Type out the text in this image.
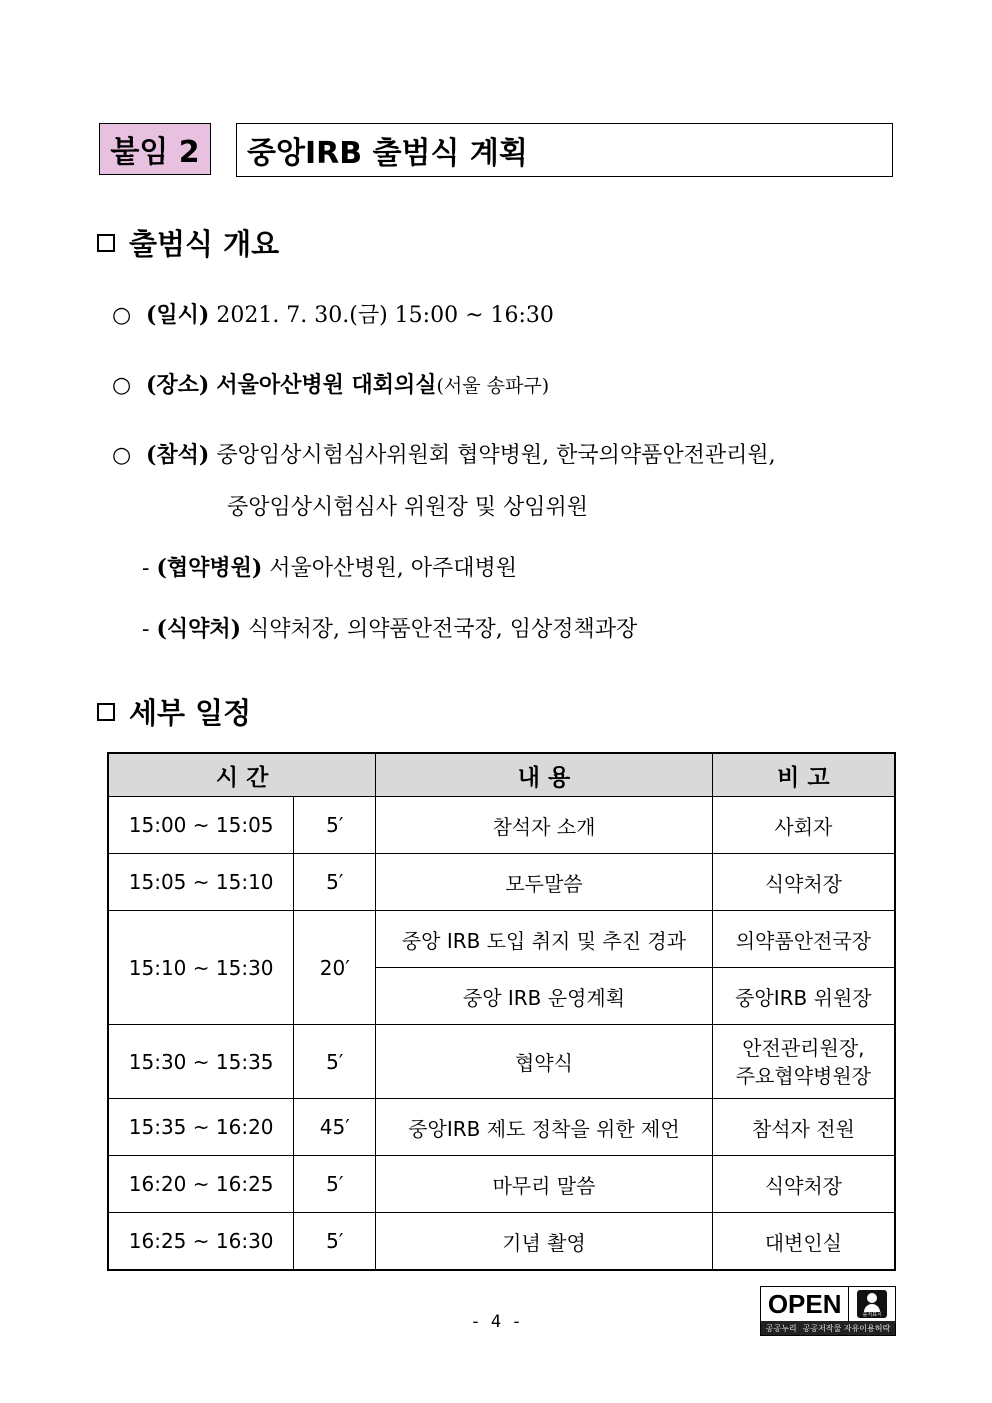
붙임 2 중앙IRB 출범식 계획
출범식 개요
○ (일시) 2021. 7. 30.(금) 15:00 ~ 16:30
○ (장소) 서울아산병원 대회의실(서울 송파구)
○ (참석) 중앙임상시험심사위원회 협약병원, 한국의약품안전관리원,
중앙임상시험심사 위원장 및 상임위원
- (협약병원) 서울아산병원, 아주대병원
- (식약처) 식약처장, 의약품안전국장, 임상정책과장
세부 일정
시 간		내 용	비 고
15:00 ~ 15:05	5′	참석자 소개	사회자
15:05 ~ 15:10	5′	모두말씀	식약처장
15:10 ~ 15:30	20′	중앙 IRB 도입 취지 및 추진 경과	의약품안전국장
		중앙 IRB 운영계획	중앙IRB 위원장
15:30 ~ 15:35	5′	협약식	안전관리원장,
주요협약병원장

15:35 ~ 16:20	45′	중앙IRB 제도 정착을 위한 제언	참석자 전원
16:20 ~ 16:25	5′	마무리 말씀	식약처장
16:25 ~ 16:30	5′	기념 촬영	대변인실
- 4 -
OPEN	출처표시
공공누리 공공저작물 자유이용허락
